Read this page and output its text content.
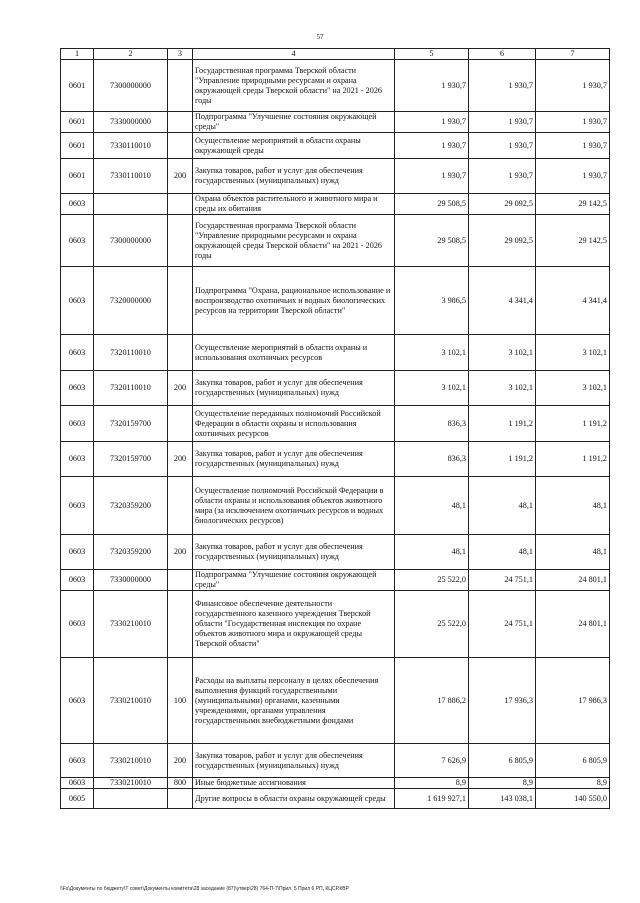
57
1	2	3	4	5	6	7
0601	7300000000		Государственная программа Тверской области "Управление природными ресурсами и охрана окружающей среды Тверской области" на 2021 - 2026 годы	1 930,7	1 930,7	1 930,7
0601	7330000000		Подпрограмма "Улучшение состояния окружающей среды"	1 930,7	1 930,7	1 930,7
0601	7330110010		Осуществление мероприятий в области охраны окружающей среды	1 930,7	1 930,7	1 930,7
0601	7330110010	200	Закупка товаров, работ и услуг для обеспечения государственных (муниципальных) нужд	1 930,7	1 930,7	1 930,7
0603			Охрана объектов растительного и животного мира и среды их обитания	29 508,5	29 092,5	29 142,5
0603	7300000000		Государственная программа Тверской области "Управление природными ресурсами и охрана окружающей среды Тверской области" на 2021 - 2026 годы	29 508,5	29 092,5	29 142,5
0603	7320000000		Подпрограмма "Охрана, рациональное использование и воспроизводство охотничьих и водных биологических ресурсов на территории Тверской области"	3 986,5	4 341,4	4 341,4
0603	7320110010		Осуществление мероприятий в области охраны и использования охотничьих ресурсов	3 102,1	3 102,1	3 102,1
0603	7320110010	200	Закупка товаров, работ и услуг для обеспечения государственных (муниципальных) нужд	3 102,1	3 102,1	3 102,1
0603	7320159700		Осуществление переданных полномочий Российской Федерации в области охраны и использования охотничьих ресурсов	836,3	1 191,2	1 191,2
0603	7320159700	200	Закупка товаров, работ и услуг для обеспечения государственных (муниципальных) нужд	836,3	1 191,2	1 191,2
0603	7320359200		Осуществление полномочий Российской Федерации в области охраны и использования объектов животного мира (за исключением охотничьих ресурсов и водных биологических ресурсов)	48,1	48,1	48,1
0603	7320359200	200	Закупка товаров, работ и услуг для обеспечения государственных (муниципальных) нужд	48,1	48,1	48,1
0603	7330000000		Подпрограмма "Улучшение состояния окружающей среды"	25 522,0	24 751,1	24 801,1
0603	7330210010		Финансовое обеспечение деятельности государственного казенного учреждения Тверской области "Государственная инспекция по охране объектов животного мира и окружающей среды Тверской области"	25 522,0	24 751,1	24 801,1
0603	7330210010	100	Расходы на выплаты персоналу в целях обеспечения выполнения функций государственными (муниципальными) органами, казенными учреждениями, органами управления государственными внебюджетными фондами	17 886,2	17 936,3	17 986,3
0603	7330210010	200	Закупка товаров, работ и услуг для обеспечения государственных (муниципальных) нужд	7 626,9	6 805,9	6 805,9
0603	7330210010	800	Иные бюджетные ассигнования	8,9	8,9	8,9
0605			Другие вопросы в области охраны окружающей среды	1 619 927,1	143 038,1	140 550,0
\\Fs\Документы по бюджету\Т совет\Документы комитета\28 заседание (87)\утвер\28) 764-П-7\Прил. 5 Прил 6 РП, КЦСР.КВР
